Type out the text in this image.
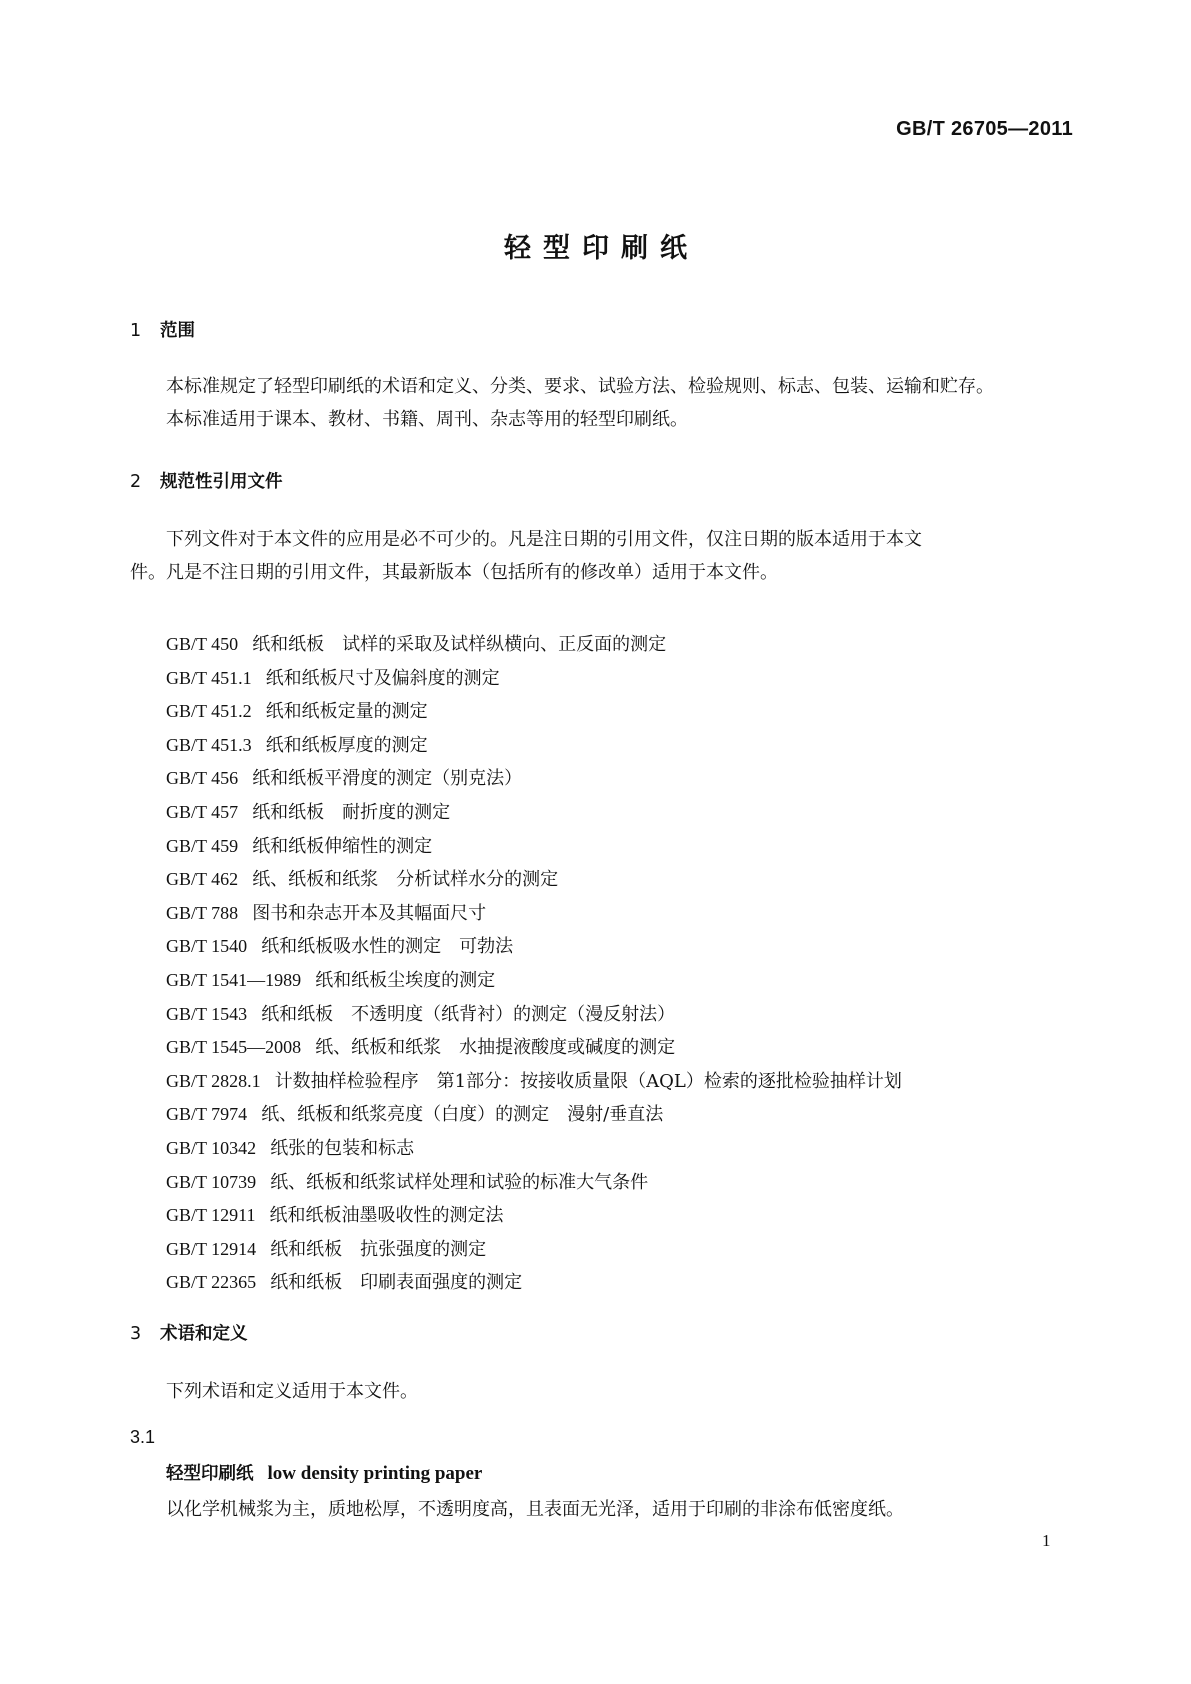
GB/T 26705—2011
轻型印刷纸
1 范围
本标准规定了轻型印刷纸的术语和定义、分类、要求、试验方法、检验规则、标志、包装、运输和贮存。
本标准适用于课本、教材、书籍、周刊、杂志等用的轻型印刷纸。
2 规范性引用文件
下列文件对于本文件的应用是必不可少的。凡是注日期的引用文件，仅注日期的版本适用于本文
件。凡是不注日期的引用文件，其最新版本（包括所有的修改单）适用于本文件。
GB/T 450 纸和纸板　试样的采取及试样纵横向、正反面的测定
GB/T 451.1 纸和纸板尺寸及偏斜度的测定
GB/T 451.2 纸和纸板定量的测定
GB/T 451.3 纸和纸板厚度的测定
GB/T 456 纸和纸板平滑度的测定（别克法）
GB/T 457 纸和纸板　耐折度的测定
GB/T 459 纸和纸板伸缩性的测定
GB/T 462 纸、纸板和纸浆　分析试样水分的测定
GB/T 788 图书和杂志开本及其幅面尺寸
GB/T 1540 纸和纸板吸水性的测定　可勃法
GB/T 1541—1989 纸和纸板尘埃度的测定
GB/T 1543 纸和纸板　不透明度（纸背衬）的测定（漫反射法）
GB/T 1545—2008 纸、纸板和纸浆　水抽提液酸度或碱度的测定
GB/T 2828.1 计数抽样检验程序　第1部分：按接收质量限（AQL）检索的逐批检验抽样计划
GB/T 7974 纸、纸板和纸浆亮度（白度）的测定　漫射/垂直法
GB/T 10342 纸张的包装和标志
GB/T 10739 纸、纸板和纸浆试样处理和试验的标准大气条件
GB/T 12911 纸和纸板油墨吸收性的测定法
GB/T 12914 纸和纸板　抗张强度的测定
GB/T 22365 纸和纸板　印刷表面强度的测定
3 术语和定义
下列术语和定义适用于本文件。
3.1
轻型印刷纸 low density printing paper
以化学机械浆为主，质地松厚，不透明度高，且表面无光泽，适用于印刷的非涂布低密度纸。
1
